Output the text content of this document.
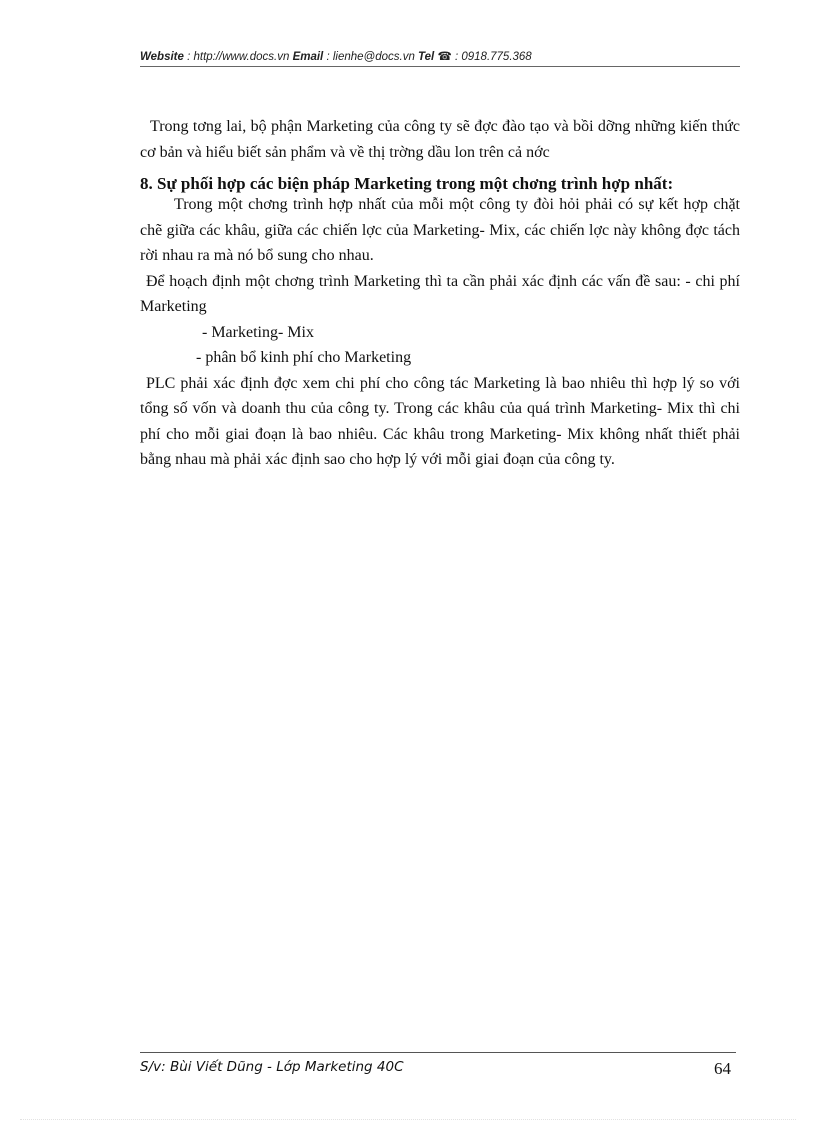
Website : http://www.docs.vn Email : lienhe@docs.vn Tel ☎ : 0918.775.368

Trong tơng lai, bộ phận Marketing của công ty sẽ đợc đào tạo và bồi dỡng những kiến thức cơ bản và hiểu biết sản phẩm và về thị trờng dầu lon trên cả nớc

8. Sự phối hợp các biện pháp Marketing trong một chơng trình hợp nhất:

Trong một chơng trình hợp nhất của mỗi một công ty đòi hỏi phải có sự kết hợp chặt chẽ giữa các khâu, giữa các chiến lợc của Marketing- Mix, các chiến lợc này không đợc tách rời nhau ra mà nó bổ sung cho nhau.

Để hoạch định một chơng trình Marketing thì ta cần phải xác định các vấn đề sau: - chi phí Marketing

- Marketing- Mix

- phân bổ kinh phí cho Marketing

PLC phải xác định đợc xem chi phí cho công tác Marketing là bao nhiêu thì hợp lý so với tổng số vốn và doanh thu của công ty. Trong các khâu của quá trình Marketing- Mix thì chi phí cho mỗi giai đoạn là bao nhiêu. Các khâu trong Marketing- Mix không nhất thiết phải bằng nhau mà phải xác định sao cho hợp lý với mỗi giai đoạn của công ty.

S/v: Bùi Viết Dũng - Lớp Marketing 40C	64
